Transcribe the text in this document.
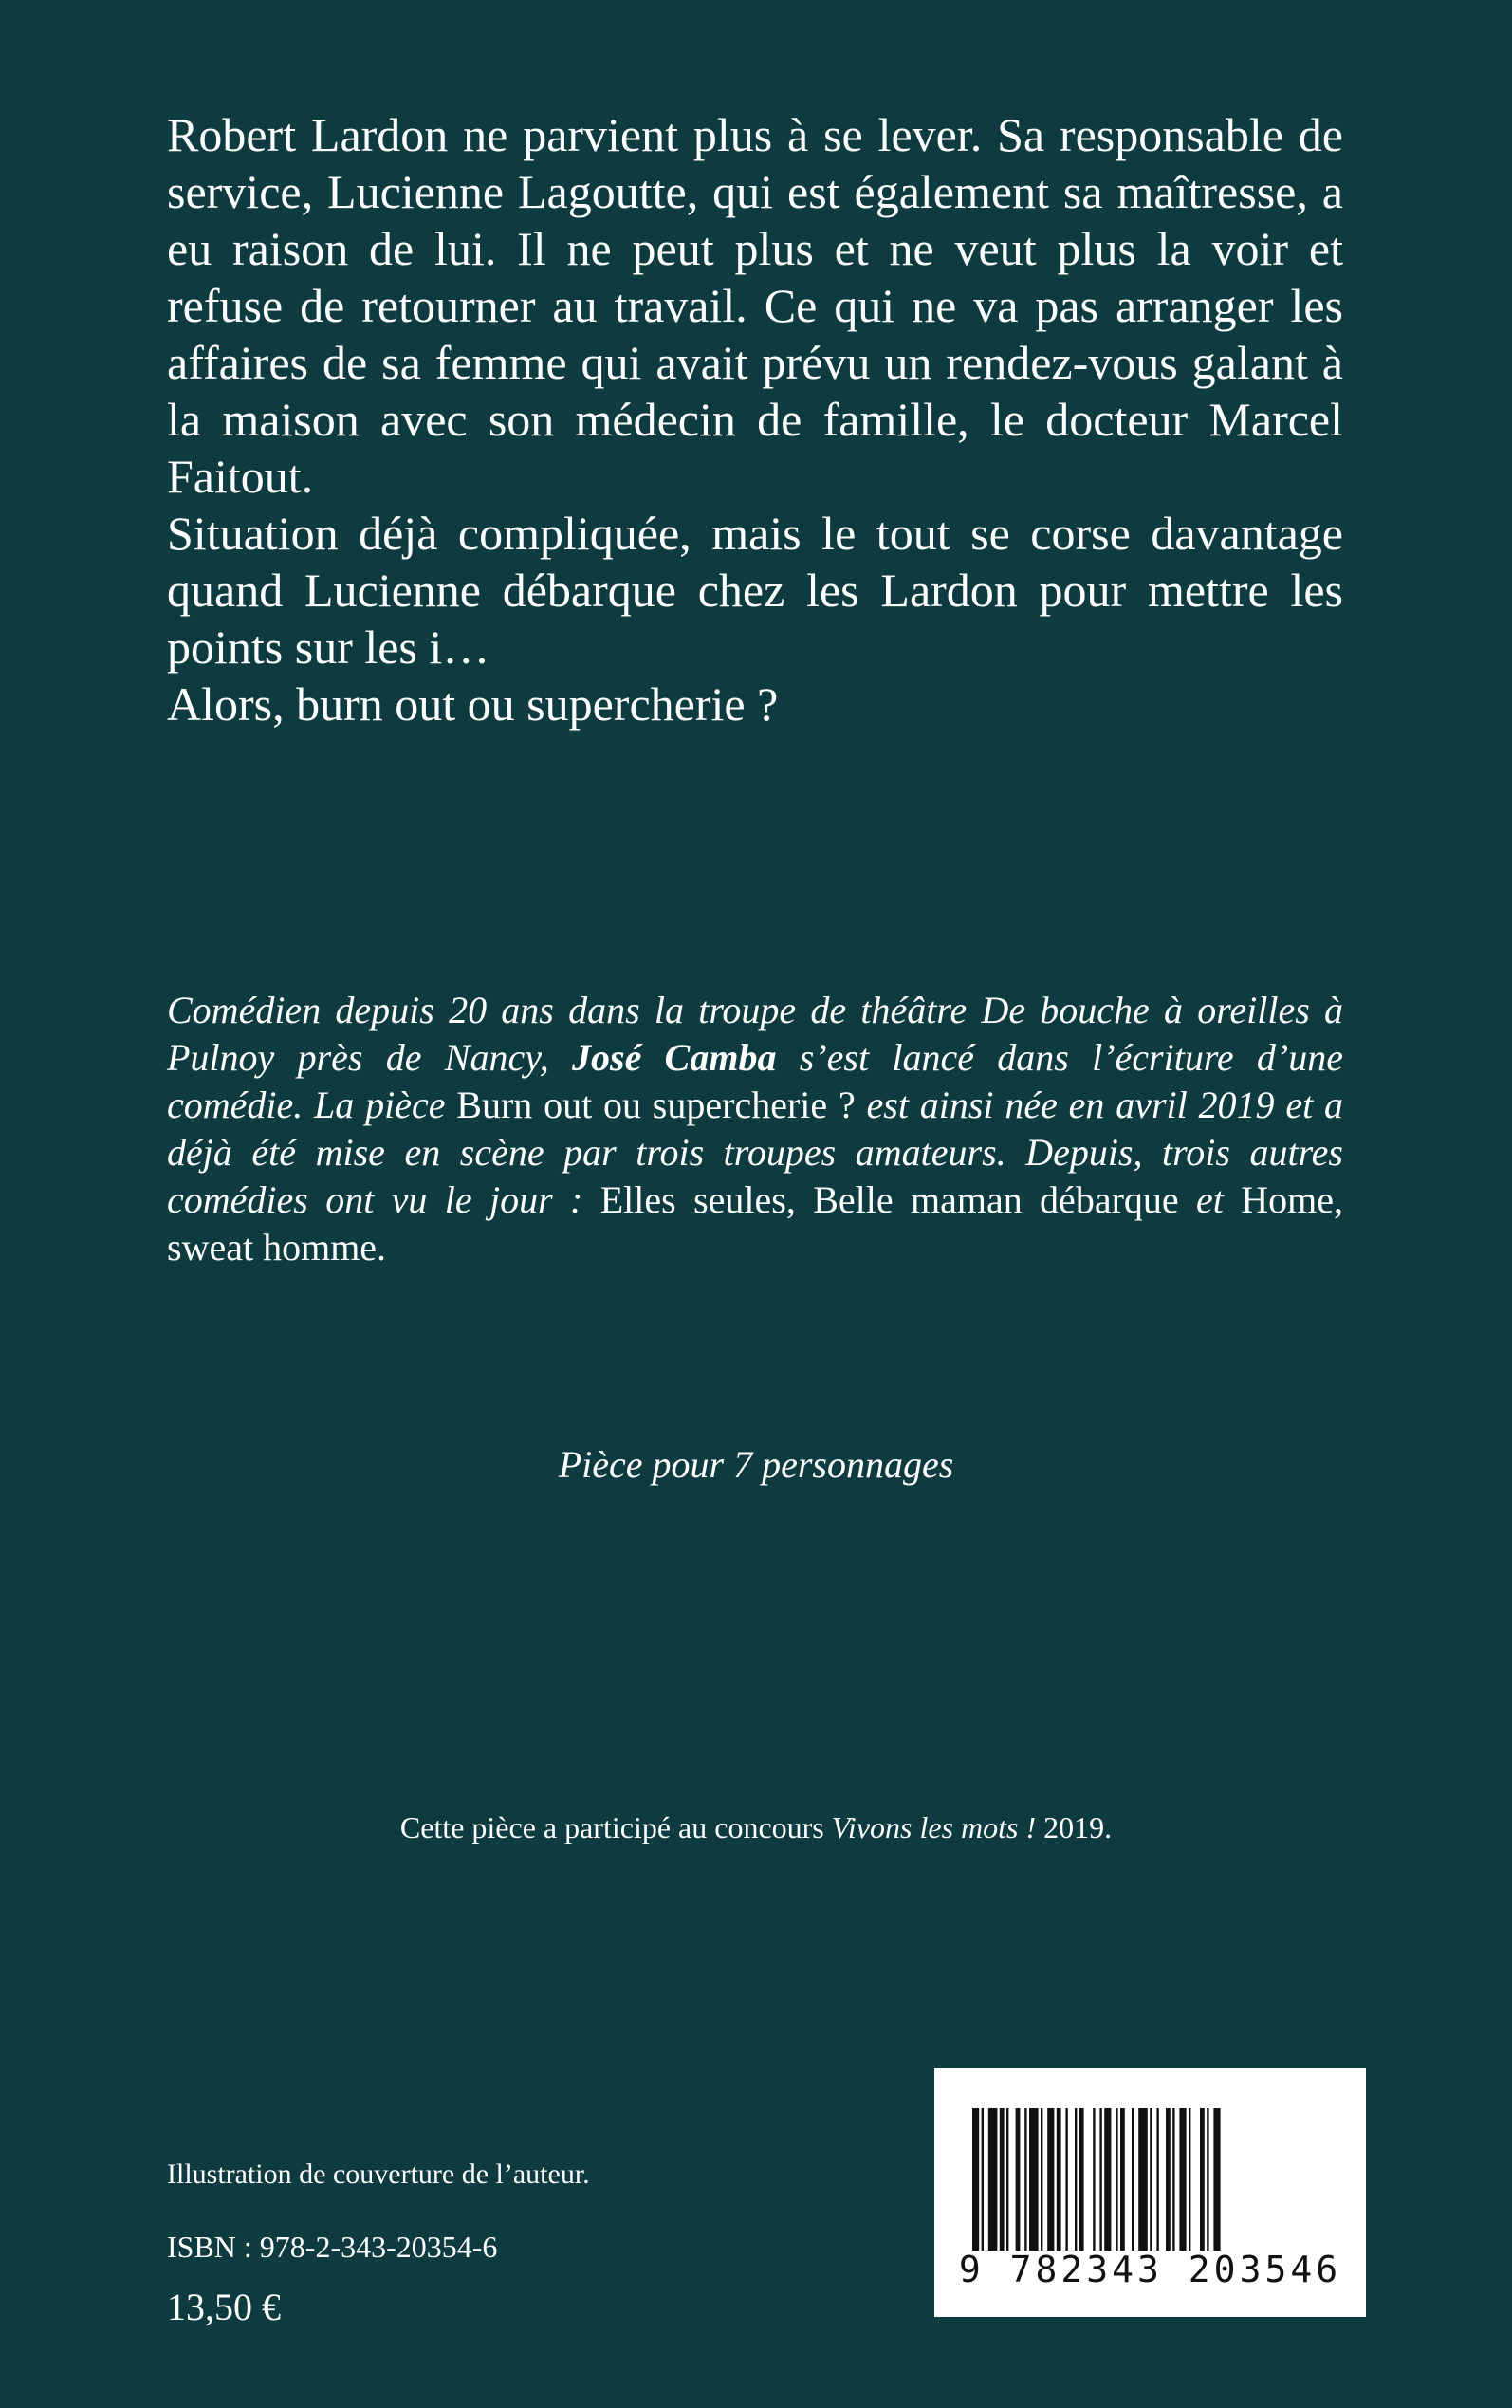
Robert Lardon ne parvient plus à se lever. Sa responsable de service, Lucienne Lagoutte, qui est également sa maîtresse, a eu raison de lui. Il ne peut plus et ne veut plus la voir et refuse de retourner au travail. Ce qui ne va pas arranger les affaires de sa femme qui avait prévu un rendez-vous galant à la maison avec son médecin de famille, le docteur Marcel Faitout.

Situation déjà compliquée, mais le tout se corse davantage quand Lucienne débarque chez les Lardon pour mettre les points sur les i…

Alors, burn out ou supercherie ?

Comédien depuis 20 ans dans la troupe de théâtre De bouche à oreilles à Pulnoy près de Nancy, José Camba s’est lancé dans l’écriture d’une comédie. La pièce Burn out ou supercherie ? est ainsi née en avril 2019 et a déjà été mise en scène par trois troupes amateurs. Depuis, trois autres comédies ont vu le jour : Elles seules, Belle maman débarque et Home, sweat homme.

Pièce pour 7 personnages
Cette pièce a participé au concours Vivons les mots ! 2019.
Illustration de couverture de l’auteur.
ISBN : 978-2-343-20354-6
13,50 €
9 782343 203546
